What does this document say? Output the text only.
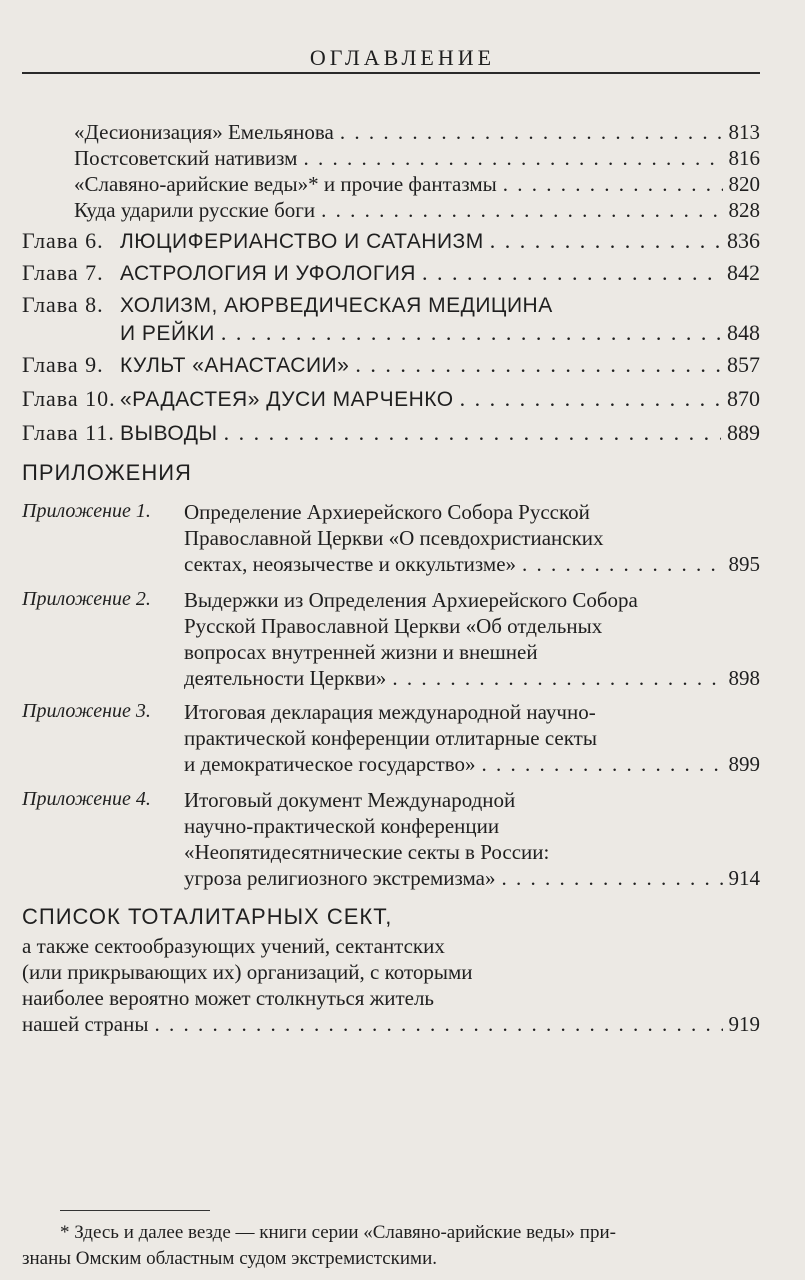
ОГЛАВЛЕНИЕ
«Десионизация» Емельянова . . .	813
Постсоветский нативизм . . .	816
«Славяно-арийские веды»* и прочие фантазмы . . .	820
Куда ударили русские боги . . .	828
Глава 6. ЛЮЦИФЕРИАНСТВО И САТАНИЗМ . . .	836
Глава 7. АСТРОЛОГИЯ И УФОЛОГИЯ . . .	842
Глава 8. ХОЛИЗМ, АЮРВЕДИЧЕСКАЯ МЕДИЦИНА
И РЕЙКИ . . .	848
Глава 9. КУЛЬТ «АНАСТАСИИ» . . .	857
Глава 10. «РАДАСТЕЯ» ДУСИ МАРЧЕНКО . . .	870
Глава 11. ВЫВОДЫ . . .	889
ПРИЛОЖЕНИЯ
Приложение 1. Определение Архиерейского Собора Русской
Православной Церкви «О псевдохристианских
сектах, неоязычестве и оккультизме» . . .	895
Приложение 2. Выдержки из Определения Архиерейского Собора
Русской Православной Церкви «Об отдельных
вопросах внутренней жизни и внешней
деятельности Церкви» . . .	898
Приложение 3. Итоговая декларация международной научно-
практической конференции отлитарные секты
и демократическое государство» . . .	899
Приложение 4. Итоговый документ Международной
научно-практической конференции
«Неопятидесятнические секты в России:
угроза религиозного экстремизма» . . .	914
СПИСОК ТОТАЛИТАРНЫХ СЕКТ,
а также сектообразующих учений, сектантских
(или прикрывающих их) организаций, с которыми
наиболее вероятно может столкнуться житель
нашей страны . . .	919
* Здесь и далее везде — книги серии «Славяно-арийские веды» при-
знаны Омским областным судом экстремистскими.
